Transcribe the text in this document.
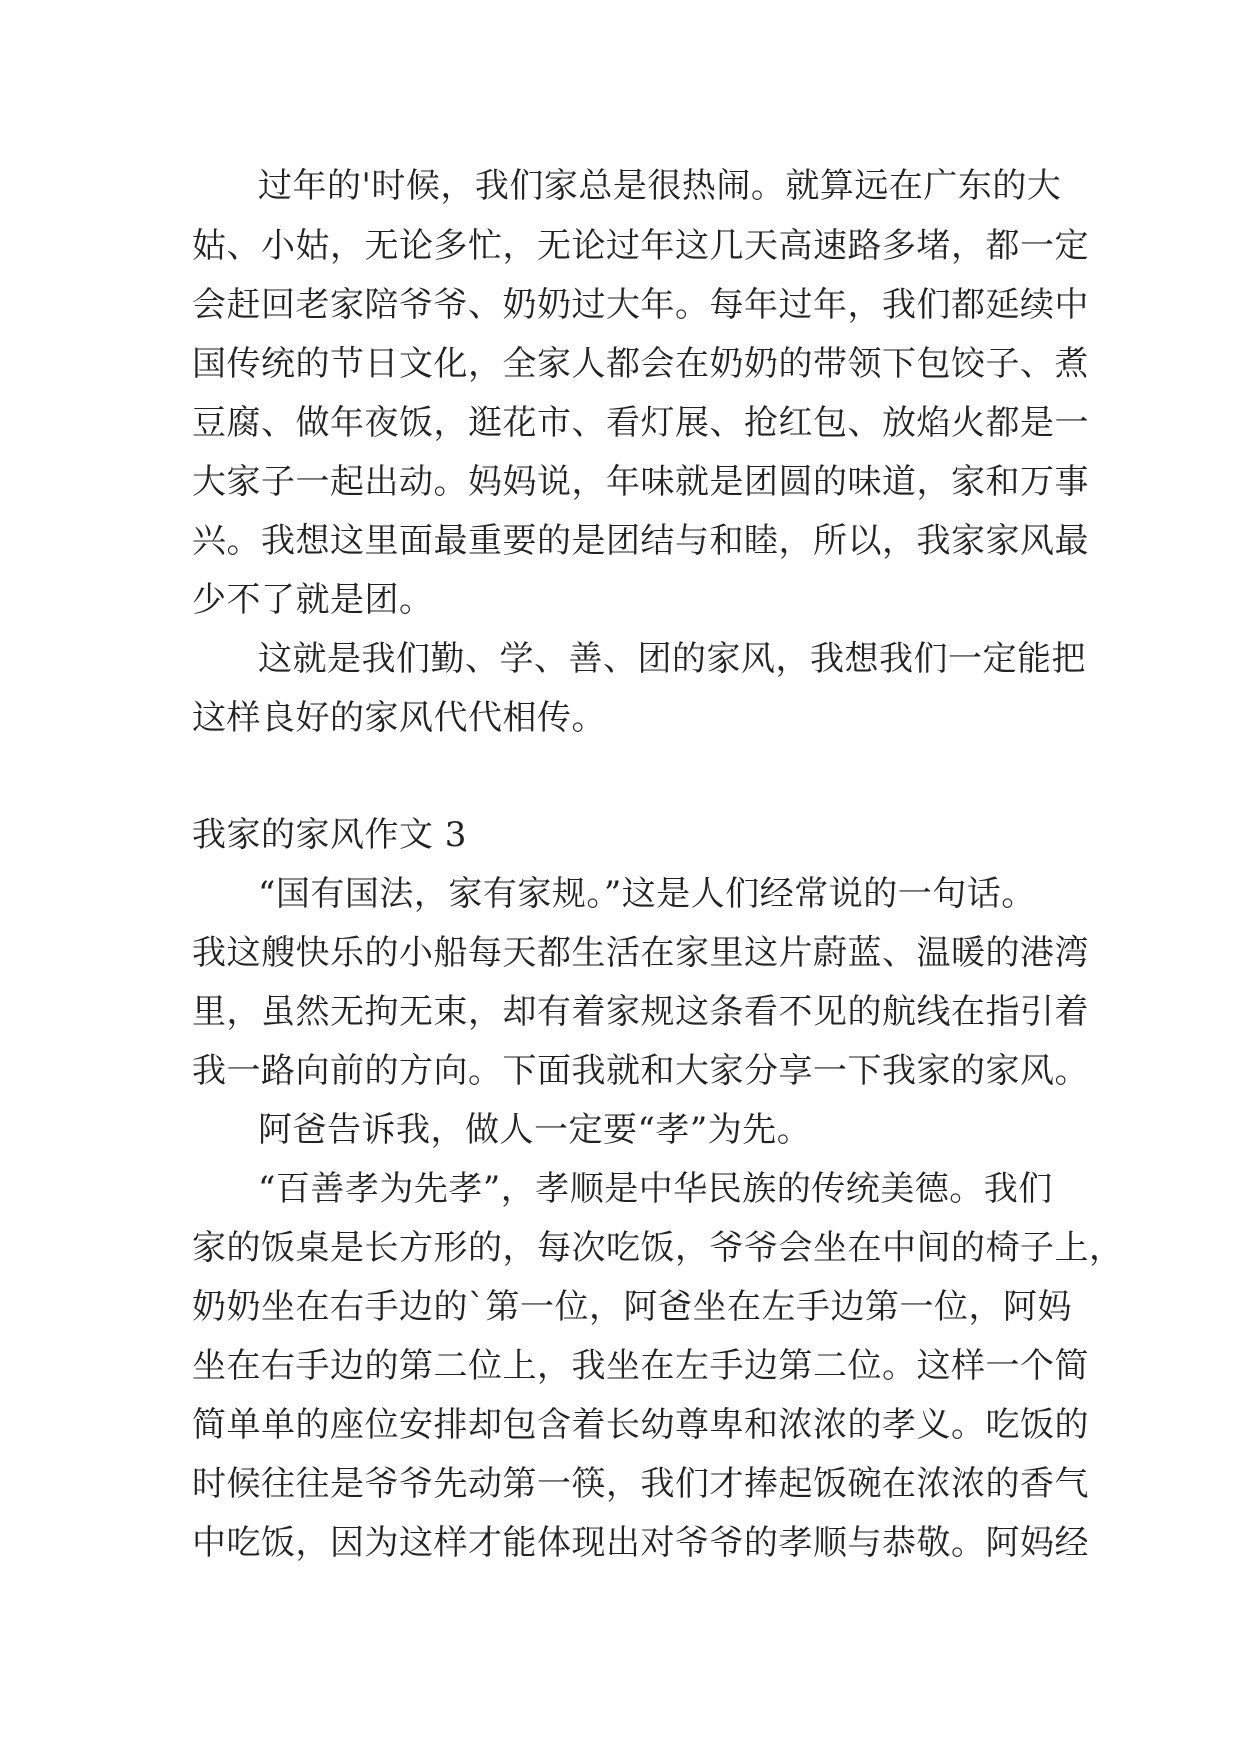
过年的'时候，我们家总是很热闹。就算远在广东的大
姑、小姑，无论多忙，无论过年这几天高速路多堵，都一定
会赶回老家陪爷爷、奶奶过大年。每年过年，我们都延续中
国传统的节日文化，全家人都会在奶奶的带领下包饺子、煮
豆腐、做年夜饭，逛花市、看灯展、抢红包、放焰火都是一
大家子一起出动。妈妈说，年味就是团圆的味道，家和万事
兴。我想这里面最重要的是团结与和睦，所以，我家家风最
少不了就是团。
这就是我们勤、学、善、团的家风，我想我们一定能把
这样良好的家风代代相传。
我家的家风作文 3
“国有国法，家有家规。”这是人们经常说的一句话。
我这艘快乐的小船每天都生活在家里这片蔚蓝、温暖的港湾
里，虽然无拘无束，却有着家规这条看不见的航线在指引着
我一路向前的方向。下面我就和大家分享一下我家的家风。
阿爸告诉我，做人一定要“孝”为先。
“百善孝为先孝”，孝顺是中华民族的传统美德。我们
家的饭桌是长方形的，每次吃饭，爷爷会坐在中间的椅子上，
奶奶坐在右手边的`第一位，阿爸坐在左手边第一位，阿妈
坐在右手边的第二位上，我坐在左手边第二位。这样一个简
简单单的座位安排却包含着长幼尊卑和浓浓的孝义。吃饭的
时候往往是爷爷先动第一筷，我们才捧起饭碗在浓浓的香气
中吃饭，因为这样才能体现出对爷爷的孝顺与恭敬。阿妈经
